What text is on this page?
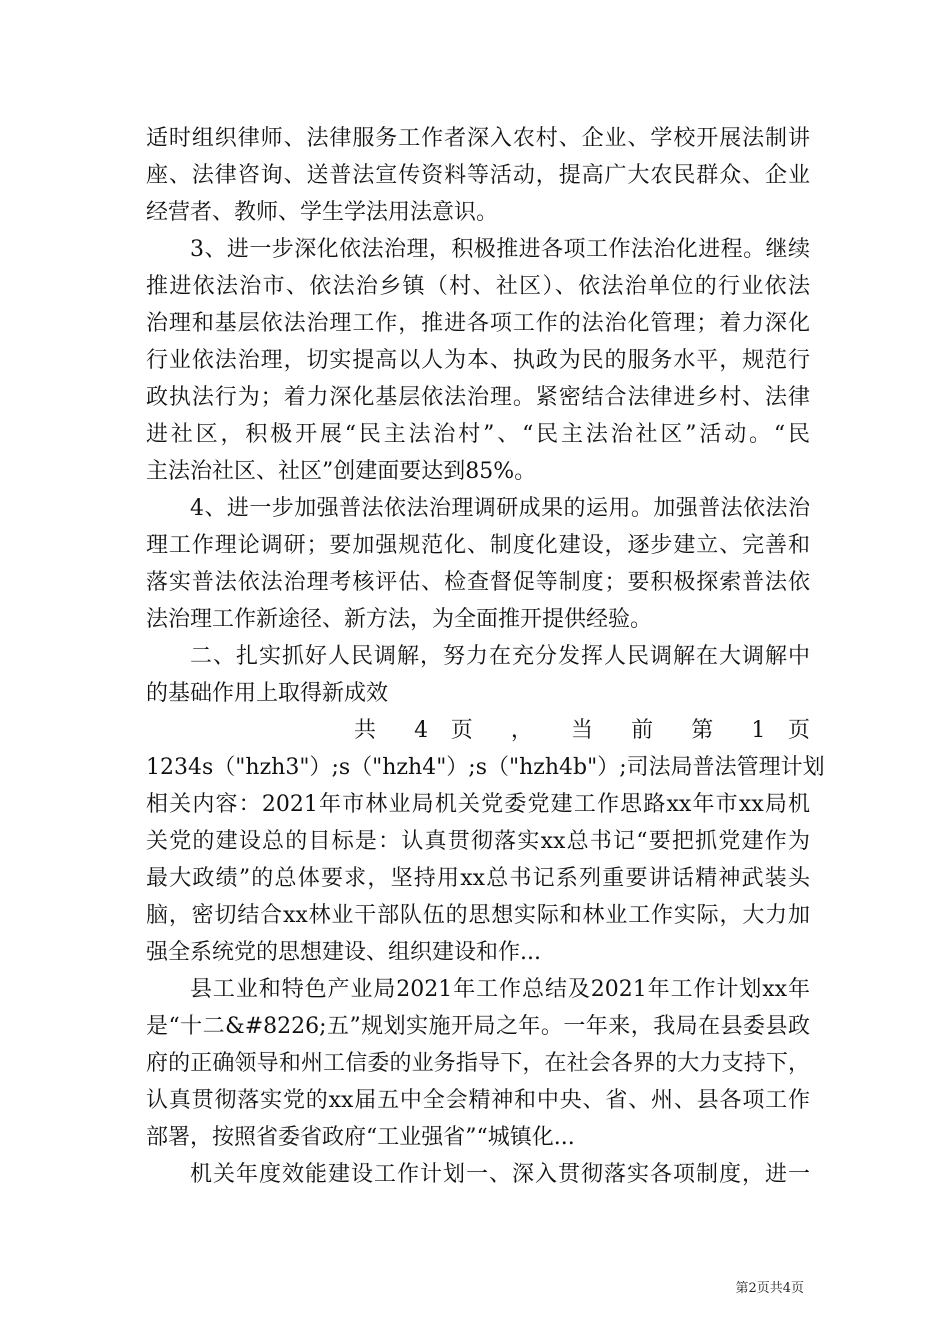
适时组织律师、法律服务工作者深入农村、企业、学校开展法制讲

座、法律咨询、送普法宣传资料等活动，提高广大农民群众、企业

经营者、教师、学生学法用法意识。

3、进一步深化依法治理，积极推进各项工作法治化进程。继续

推进依法治市、依法治乡镇（村、社区）、依法治单位的行业依法

治理和基层依法治理工作，推进各项工作的法治化管理；着力深化

行业依法治理，切实提高以人为本、执政为民的服务水平，规范行

政执法行为；着力深化基层依法治理。紧密结合法律进乡村、法律

进社区，积极开展“民主法治村”、“民主法治社区”活动。“民

主法治社区、社区”创建面要达到85%。

4、进一步加强普法依法治理调研成果的运用。加强普法依法治

理工作理论调研；要加强规范化、制度化建设，逐步建立、完善和

落实普法依法治理考核评估、检查督促等制度；要积极探索普法依

法治理工作新途径、新方法，为全面推开提供经验。

二、扎实抓好人民调解，努力在充分发挥人民调解在大调解中

的基础作用上取得新成效

共 4 页 ， 当 前 第 1 页

1234s（"hzh3"）;s（"hzh4"）;s（"hzh4b"）;司法局普法管理计划

相关内容：2021年市林业局机关党委党建工作思路xx年市xx局机

关党的建设总的目标是：认真贯彻落实xx总书记“要把抓党建作为

最大政绩”的总体要求，坚持用xx总书记系列重要讲话精神武装头

脑，密切结合xx林业干部队伍的思想实际和林业工作实际，大力加

强全系统党的思想建设、组织建设和作...

县工业和特色产业局2021年工作总结及2021年工作计划xx年

是“十二&#8226;五”规划实施开局之年。一年来，我局在县委县政

府的正确领导和州工信委的业务指导下，在社会各界的大力支持下，

认真贯彻落实党的xx届五中全会精神和中央、省、州、县各项工作

部署，按照省委省政府“工业强省”“城镇化...

机关年度效能建设工作计划一、深入贯彻落实各项制度，进一

第2页共4页
